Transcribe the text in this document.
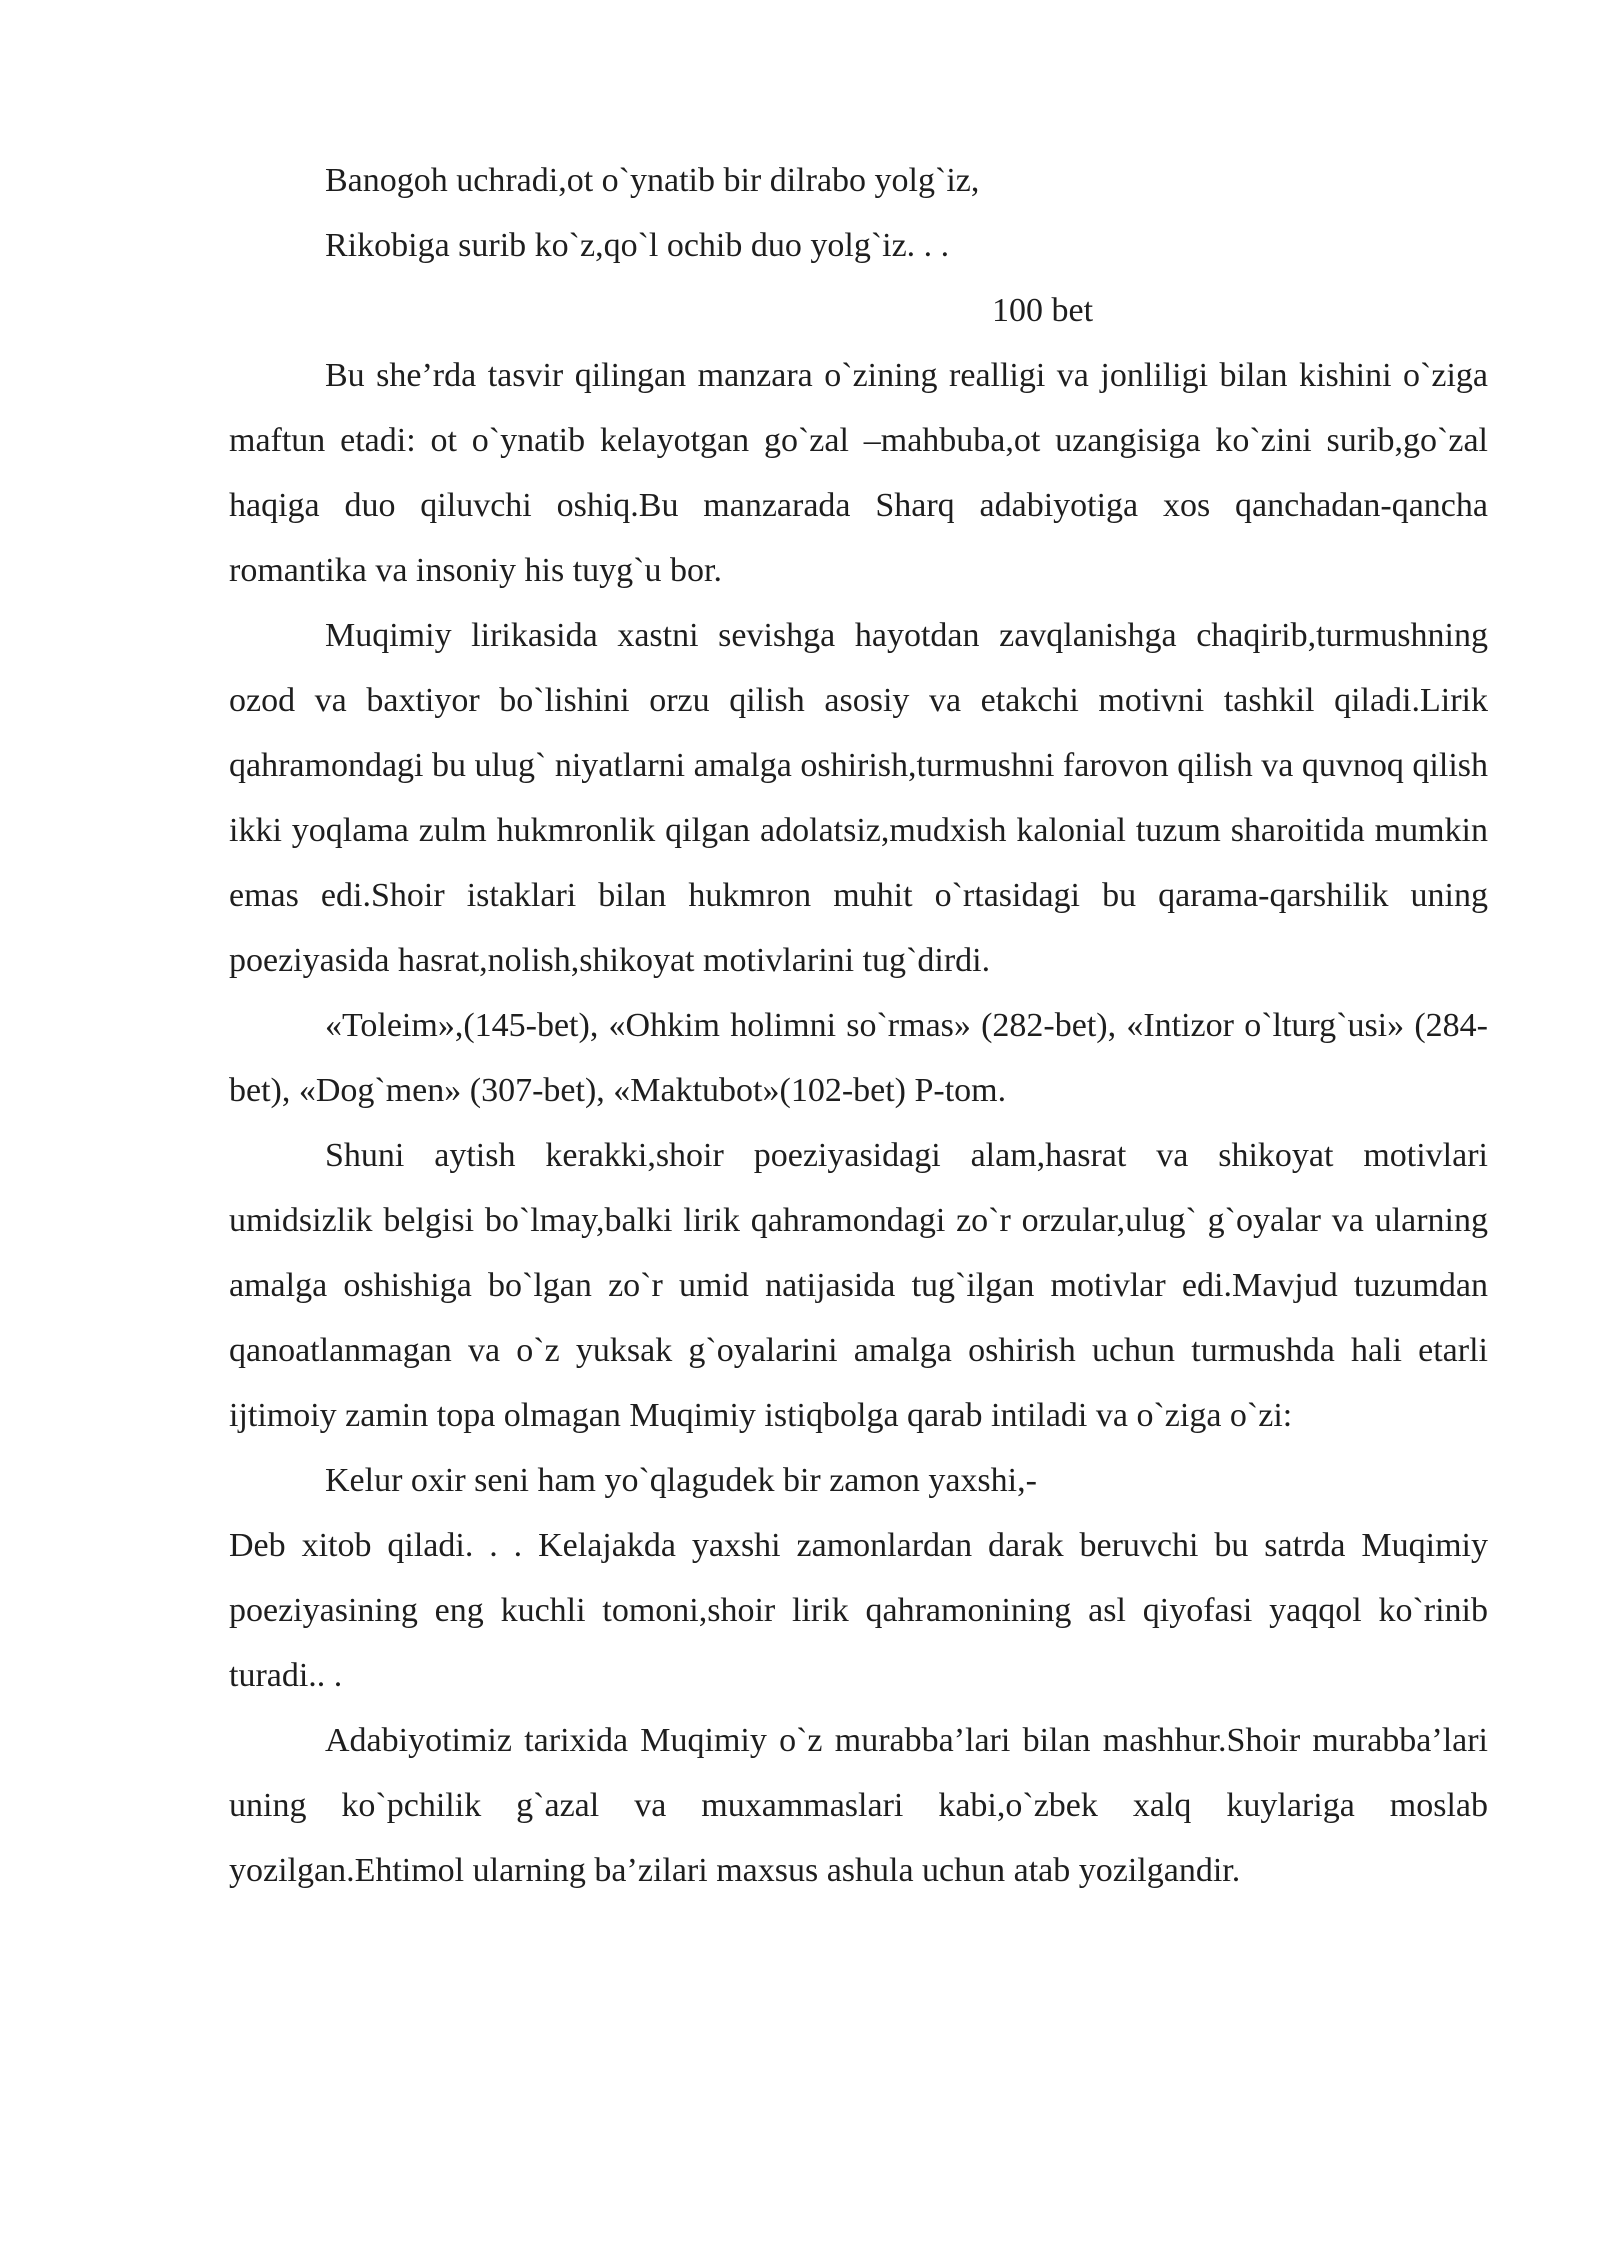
Banogoh uchradi,ot o`ynatib bir dilrabo yolg`iz,
Rikobiga surib ko`z,qo`l ochib duo yolg`iz. . .
100 bet

Bu she’rda tasvir qilingan manzara o`zining realligi va jonliligi bilan kishini o`ziga maftun etadi: ot o`ynatib kelayotgan go`zal –mahbuba,ot uzangisiga ko`zini surib,go`zal haqiga duo qiluvchi oshiq.Bu manzarada Sharq adabiyotiga xos qanchadan-qancha romantika va insoniy his tuyg`u bor.

Muqimiy lirikasida xastni sevishga hayotdan zavqlanishga chaqirib,turmushning ozod va baxtiyor bo`lishini orzu qilish asosiy va etakchi motivni tashkil qiladi.Lirik qahramondagi bu ulug` niyatlarni amalga oshirish,turmushni farovon qilish va quvnoq qilish ikki yoqlama zulm hukmronlik qilgan adolatsiz,mudxish kalonial tuzum sharoitida mumkin emas edi.Shoir istaklari bilan hukmron muhit o`rtasidagi bu qarama-qarshilik uning poeziyasida hasrat,nolish,shikoyat motivlarini tug`dirdi.

«Toleim»,(145-bet), «Ohkim holimni so`rmas» (282-bet), «Intizor o`lturg`usi» (284-bet), «Dog`men» (307-bet), «Maktubot»(102-bet) P-tom.

Shuni aytish kerakki,shoir poeziyasidagi alam,hasrat va shikoyat motivlari umidsizlik belgisi bo`lmay,balki lirik qahramondagi zo`r orzular,ulug` g`oyalar va ularning amalga oshishiga bo`lgan zo`r umid natijasida tug`ilgan motivlar edi.Mavjud tuzumdan qanoatlanmagan va o`z yuksak g`oyalarini amalga oshirish uchun turmushda hali etarli ijtimoiy zamin topa olmagan Muqimiy istiqbolga qarab intiladi va o`ziga o`zi:

Kelur oxir seni ham yo`qlagudek bir zamon yaxshi,-

Deb xitob qiladi. . . Kelajakda yaxshi zamonlardan darak beruvchi bu satrda Muqimiy poeziyasining eng kuchli tomoni,shoir lirik qahramonining asl qiyofasi yaqqol ko`rinib turadi.. .

Adabiyotimiz tarixida Muqimiy o`z murabba’lari bilan mashhur.Shoir murabba’lari uning ko`pchilik g`azal va muxammaslari kabi,o`zbek xalq kuylariga moslab yozilgan.Ehtimol ularning ba’zilari maxsus ashula uchun atab yozilgandir.
